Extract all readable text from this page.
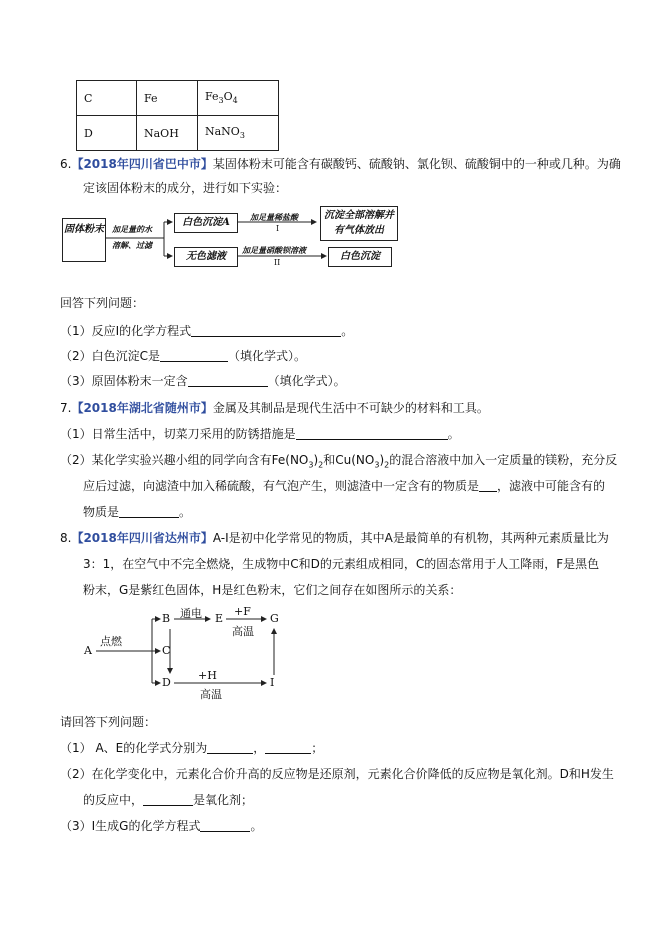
C	Fe	$Fe_3O_4$
D	NaOH	NaNO$_3$
6.【2018年四川省巴中市】某固体粉末可能含有碳酸钙、硫酸钠、氯化钡、硫酸铜中的一种或几种。为确
定该固体粉末的成分，进行如下实验：
固体粉末 加足量的水
溶解、过滤
白色沉淀A
无色滤液
加足量稀盐酸
I
加足量硝酸钡溶液
II
沉淀全部溶解并有气体放出
白色沉淀
回答下列问题：
（1）反应Ⅰ的化学方程式	。
（2）白色沉淀C是	（填化学式）。
（3）原固体粉末一定含	（填化学式）。
7.【2018年湖北省随州市】金属及其制品是现代生活中不可缺少的材料和工具。
（1）日常生活中，切菜刀采用的防锈措施是	。
（2）某化学实验兴趣小组的同学向含有$Fe(NO_3)_2$和$Cu(NO_3)_2$的混合溶液中加入一定质量的镁粉，充分反
应后过滤，向滤渣中加入稀硫酸，有气泡产生，则滤渣中一定含有的物质是 ，滤液中可能含有的
物质是	。
8.【2018年四川省达州市】A-I是初中化学常见的物质，其中A是最简单的有机物，其两种元素质量比为
3：1，在空气中不完全燃烧，生成物中C和D的元素组成相同，C的固态常用于人工降雨，F是黑色
粉末，G是紫红色固体，H是红色粉末，它们之间存在如图所示的关系：
A
B
C
D
E	G
I
点燃
通电	+F
高温
+H
高温
请回答下列问题：
（1） A、E的化学式分别为	，	；
（2）在化学变化中，元素化合价升高的反应物是还原剂，元素化合价降低的反应物是氧化剂。D和H发生
的反应中，	是氧化剂；
（3）I生成G的化学方程式	。
